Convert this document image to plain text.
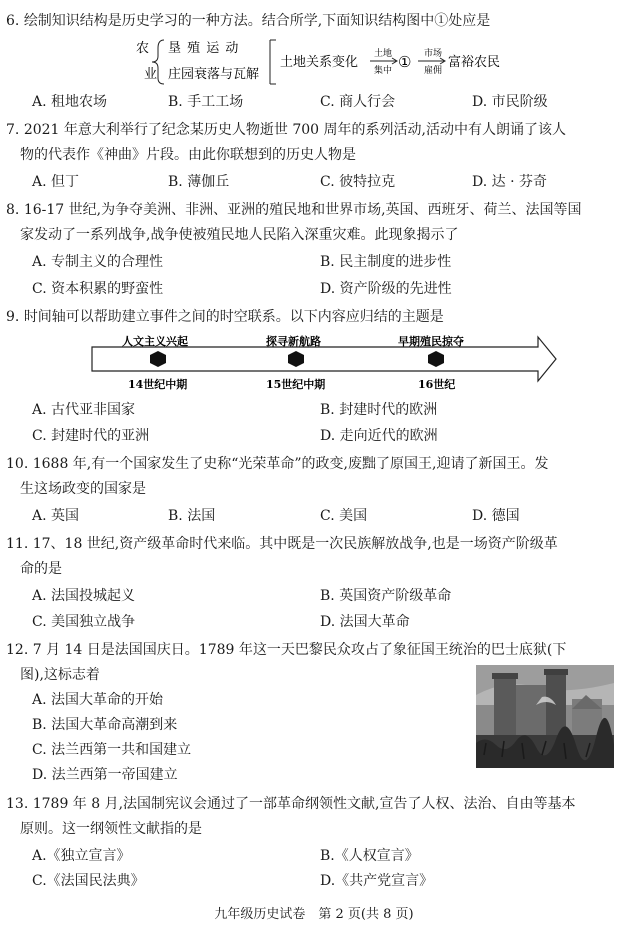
6. 绘制知识结构是历史学习的一种方法。结合所学,下面知识结构图中①处应是
农
业
垦 殖 运 动
庄园衰落与瓦解
土地关系变化
土地
集中 ① 市场
雇佣
富裕农民
A. 租地农场	B. 手工工场	C. 商人行会	D. 市民阶级
7. 2021 年意大利举行了纪念某历史人物逝世 700 周年的系列活动,活动中有人朗诵了该人
物的代表作《神曲》片段。由此你联想到的历史人物是
A. 但丁	B. 薄伽丘	C. 彼特拉克	D. 达 · 芬奇
8. 16-17 世纪,为争夺美洲、非洲、亚洲的殖民地和世界市场,英国、西班牙、荷兰、法国等国
家发动了一系列战争,战争使被殖民地人民陷入深重灾难。此现象揭示了
A. 专制主义的合理性	B. 民主制度的进步性
C. 资本积累的野蛮性	D. 资产阶级的先进性
9. 时间轴可以帮助建立事件之间的时空联系。以下内容应归结的主题是
人文主义兴起	探寻新航路	早期殖民掠夺
14世纪中期	15世纪中期	16世纪
A. 古代亚非国家	B. 封建时代的欧洲
C. 封建时代的亚洲	D. 走向近代的欧洲
10. 1688 年,有一个国家发生了史称“光荣革命”的政变,废黜了原国王,迎请了新国王。发
生这场政变的国家是
A. 英国	B. 法国	C. 美国	D. 德国
11. 17、18 世纪,资产级革命时代来临。其中既是一次民族解放战争,也是一场资产阶级革
命的是
A. 法国投城起义	B. 英国资产阶级革命
C. 美国独立战争	D. 法国大革命
12. 7 月 14 日是法国国庆日。1789 年这一天巴黎民众攻占了象征国王统治的巴士底狱(下
图),这标志着
A. 法国大革命的开始
B. 法国大革命高潮到来
C. 法兰西第一共和国建立
D. 法兰西第一帝国建立
13. 1789 年 8 月,法国制宪议会通过了一部革命纲领性文献,宣告了人权、法治、自由等基本
原则。这一纲领性文献指的是
A.《独立宣言》	B.《人权宣言》
C.《法国民法典》	D.《共产党宣言》
九年级历史试卷　第 2 页(共 8 页)
